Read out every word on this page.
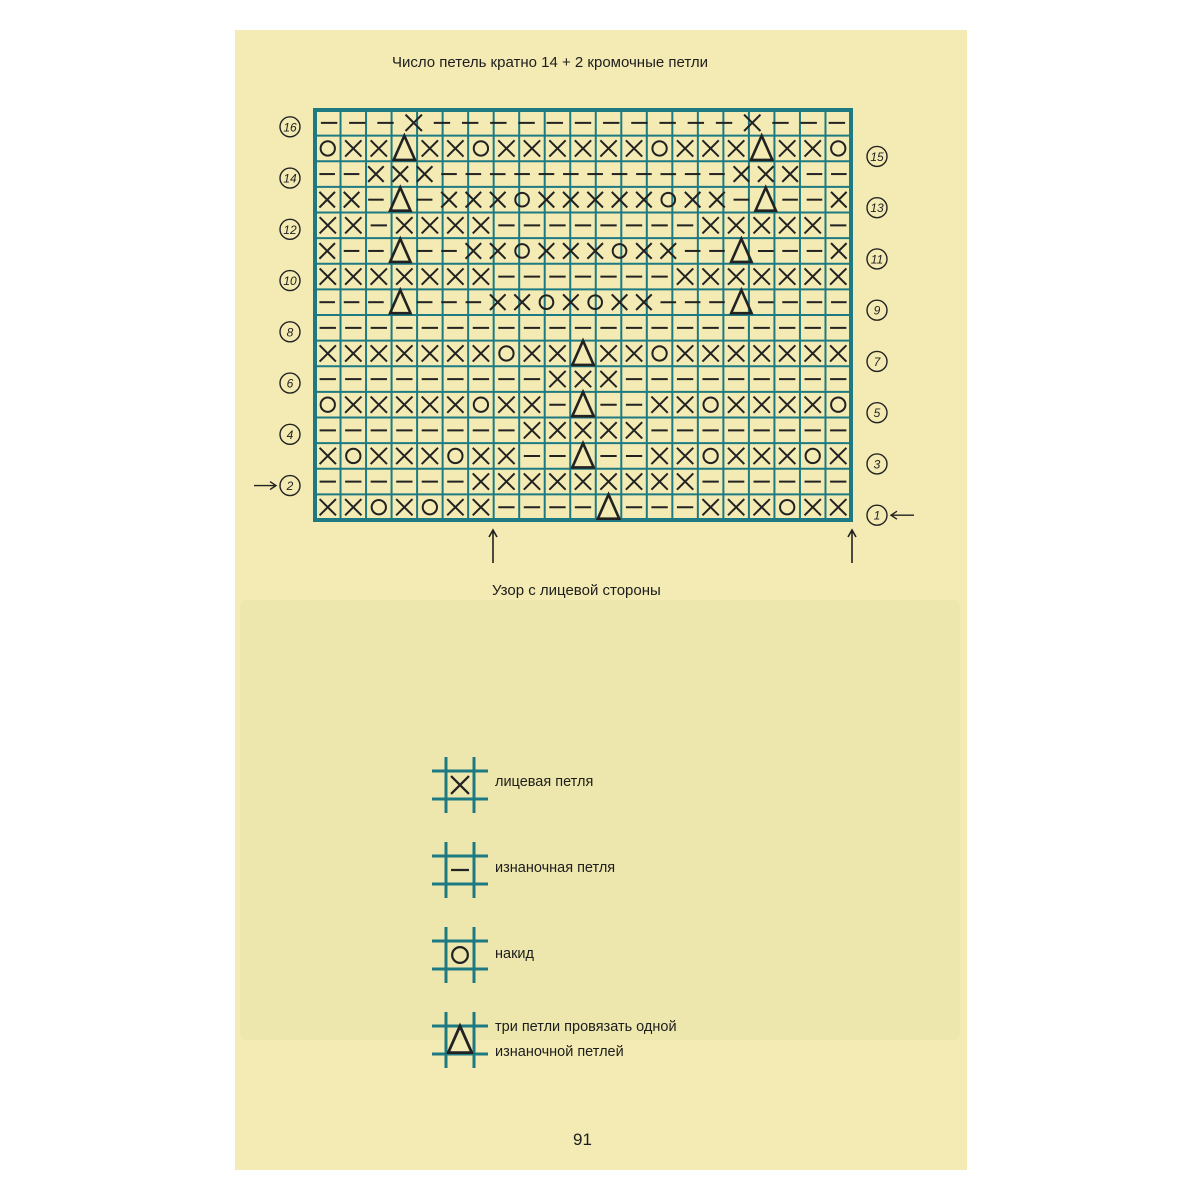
Число петель кратно 14 + 2 кромочные петли
16
15
14
13
12
11
10
9
8
7
6
5
4
3
2
1
Узор с лицевой стороны
лицевая петля
изнаночная петля
накид
три петли провязать одной
изнаночной петлей
91
